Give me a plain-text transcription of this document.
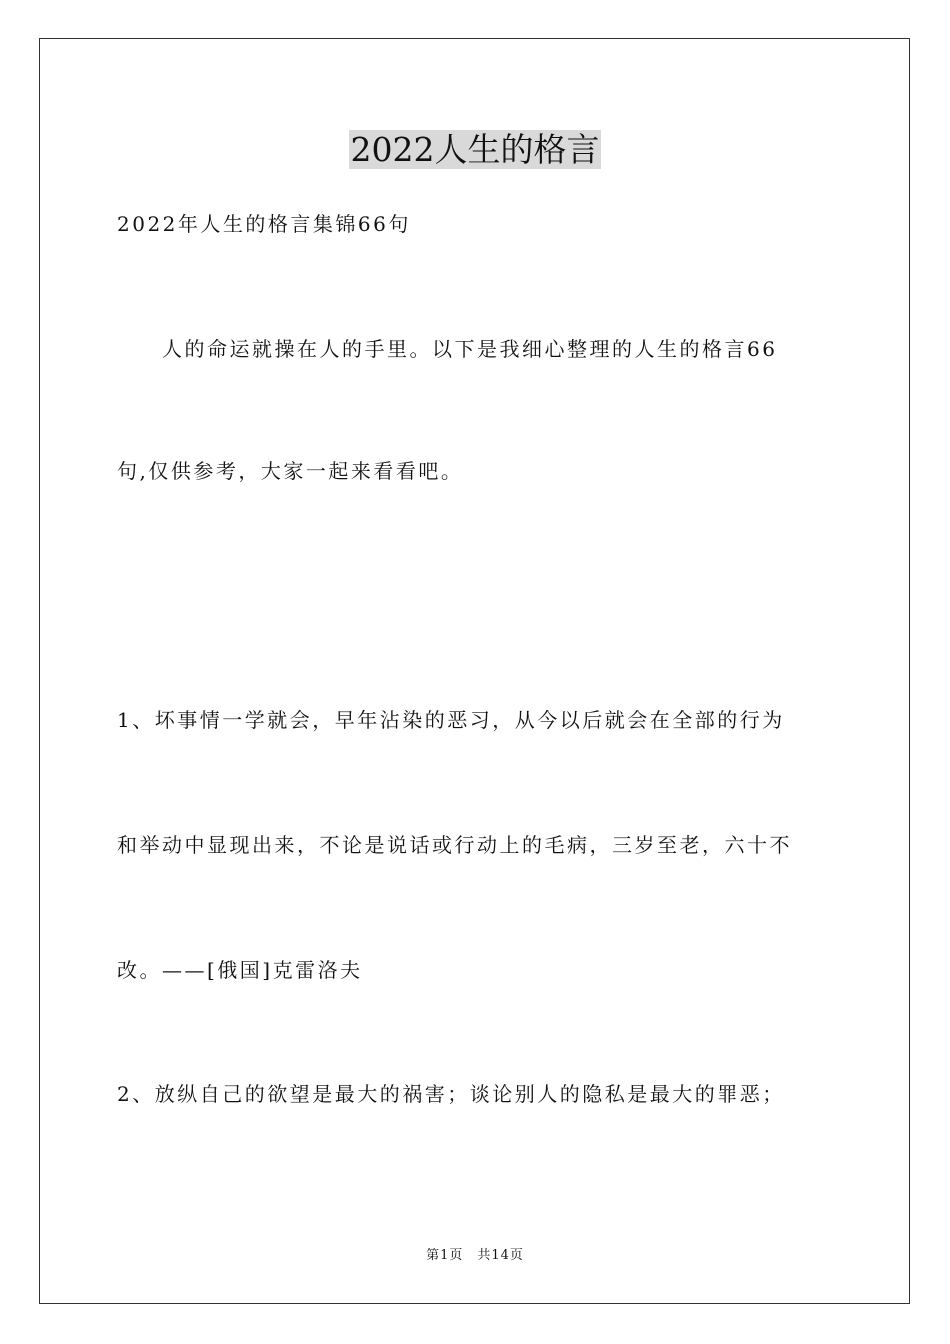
2022人生的格言
2022年人生的格言集锦66句
　　人的命运就操在人的手里。以下是我细心整理的人生的格言66
句,仅供参考，大家一起来看看吧。
1、坏事情一学就会，早年沾染的恶习，从今以后就会在全部的行为
和举动中显现出来，不论是说话或行动上的毛病，三岁至老，六十不
改。——[俄国]克雷洛夫
2、放纵自己的欲望是最大的祸害；谈论别人的隐私是最大的罪恶；
第1页 共14页
